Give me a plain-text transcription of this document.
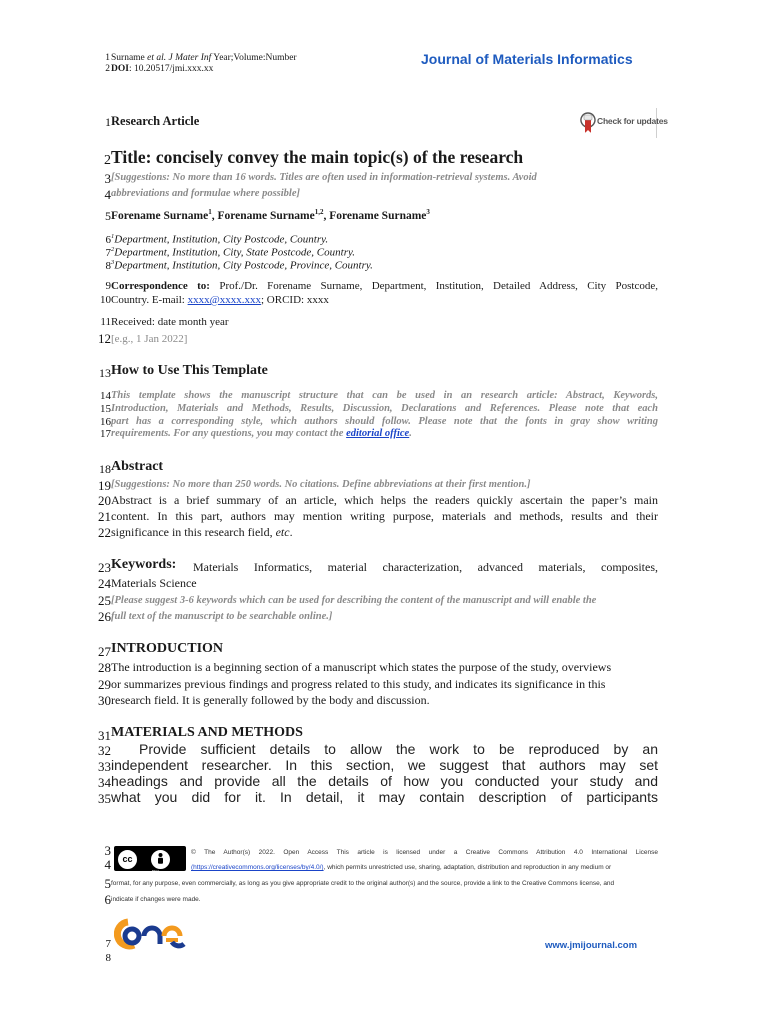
1 Surname et al. J Mater Inf Year;Volume:Number
2 DOI: 10.20517/jmi.xxx.xx
Journal of Materials Informatics
1 Research Article	Check for updates
2 Title: concisely convey the main topic(s) of the research
3 [Suggestions: No more than 16 words. Titles are often used in information-retrieval systems. Avoid
4 abbreviations and formulae where possible]
5 Forename Surname$^1$, Forename Surname$^{1,2}$, Forename Surname$^3$
6 $^1$Department, Institution, City Postcode, Country.
7 $^2$Department, Institution, City, State Postcode, Country.
8 $^3$Department, Institution, City Postcode, Province, Country.
9 Correspondence to: Prof./Dr. Forename Surname, Department, Institution, Detailed Address, City Postcode,
10 Country. E-mail: xxxx@xxxx.xxx; ORCID: xxxx
11 Received: date month year
12 [e.g., 1 Jan 2022]
13 How to Use This Template
14 This template shows the manuscript structure that can be used in an research article: Abstract, Keywords,
15 Introduction, Materials and Methods, Results, Discussion, Declarations and References. Please note that each
16 part has a corresponding style, which authors should follow. Please note that the fonts in gray show writing
17 requirements. For any questions, you may contact the editorial office.
18 Abstract
19 [Suggestions: No more than 250 words. No citations. Define abbreviations at their first mention.]
20 Abstract is a brief summary of an article, which helps the readers quickly ascertain the paper’s main
21 content. In this part, authors may mention writing purpose, materials and methods, results and their
22 significance in this research field, etc.
23 Keywords: Materials Informatics, material characterization, advanced materials, composites,
24 Materials Science
25 [Please suggest 3-6 keywords which can be used for describing the content of the manuscript and will enable the
26 full text of the manuscript to be searchable online.]
27 INTRODUCTION
28 The introduction is a beginning section of a manuscript which states the purpose of the study, overviews
29 or summarizes previous findings and progress related to this study, and indicates its significance in this
30 research field. It is generally followed by the body and discussion.
31 MATERIALS AND METHODS
32 Provide sufficient details to allow the work to be reproduced by an
33 independent researcher. In this section, we suggest that authors may set
34 headings and provide all the details of how you conducted your study and
35 what you did for it. In detail, it may contain description of participants
3
4	cc
BY
© The Author(s) 2022. Open Access This article is licensed under a Creative Commons Attribution 4.0 International License
(https://creativecommons.org/licenses/by/4.0/), which permits unrestricted use, sharing, adaptation, distribution and reproduction in any medium or
5 format, for any purpose, even commercially, as long as you give appropriate credit to the original author(s) and the source, provide a link to the Creative Commons license, and
6 indicate if changes were made.
7
8
www.jmijournal.com
